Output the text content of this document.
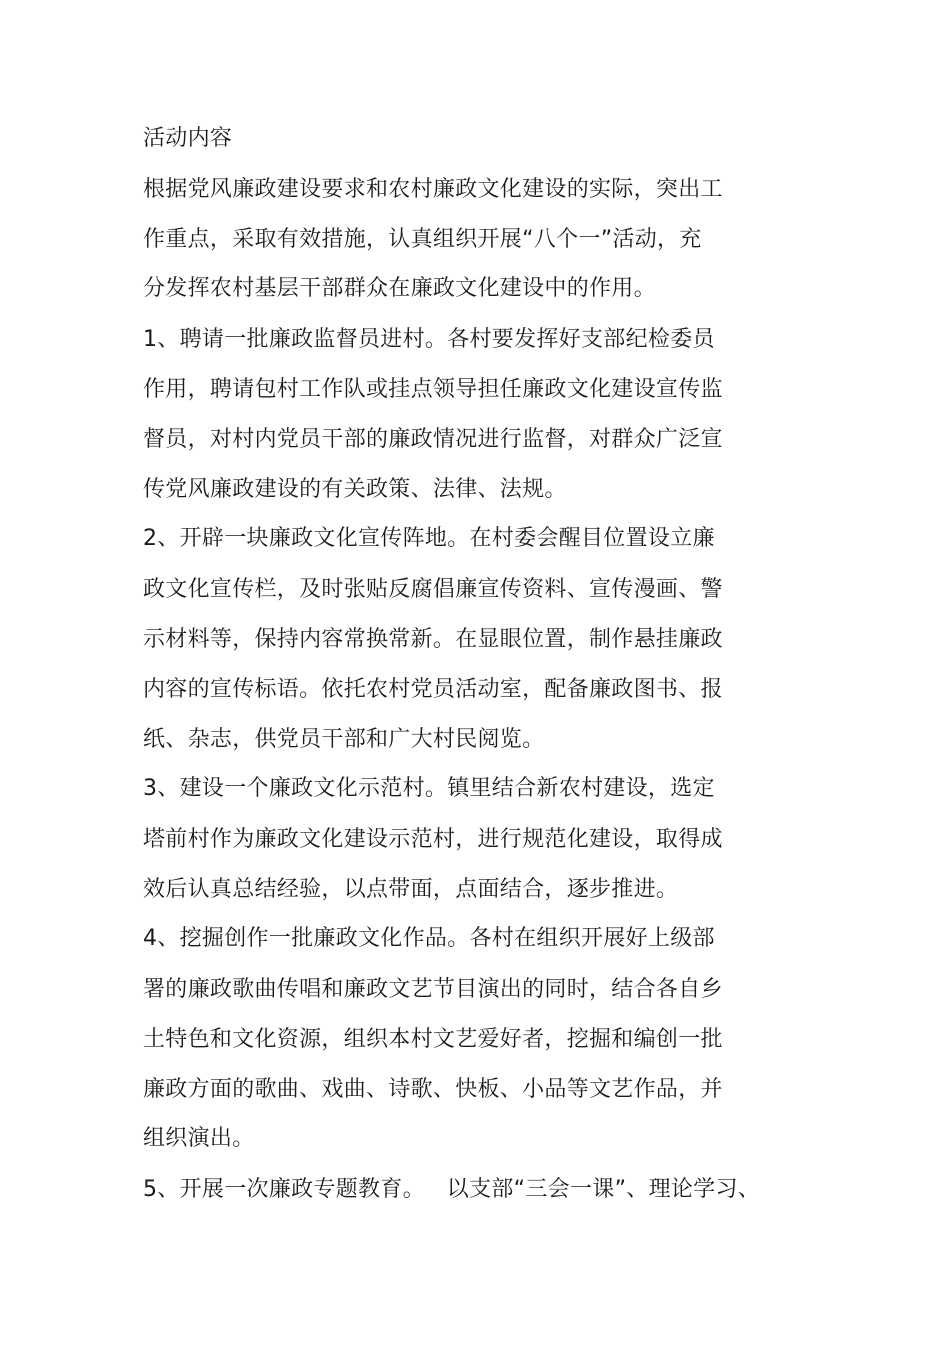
活动内容
根据党风廉政建设要求和农村廉政文化建设的实际，突出工
作重点，采取有效措施，认真组织开展“八个一”活动，充
分发挥农村基层干部群众在廉政文化建设中的作用。
1、聘请一批廉政监督员进村。各村要发挥好支部纪检委员
作用，聘请包村工作队或挂点领导担任廉政文化建设宣传监
督员，对村内党员干部的廉政情况进行监督，对群众广泛宣
传党风廉政建设的有关政策、法律、法规。
2、开辟一块廉政文化宣传阵地。在村委会醒目位置设立廉
政文化宣传栏，及时张贴反腐倡廉宣传资料、宣传漫画、警
示材料等，保持内容常换常新。在显眼位置，制作悬挂廉政
内容的宣传标语。依托农村党员活动室，配备廉政图书、报
纸、杂志，供党员干部和广大村民阅览。
3、建设一个廉政文化示范村。镇里结合新农村建设，选定
塔前村作为廉政文化建设示范村，进行规范化建设，取得成
效后认真总结经验，以点带面，点面结合，逐步推进。
4、挖掘创作一批廉政文化作品。各村在组织开展好上级部
署的廉政歌曲传唱和廉政文艺节目演出的同时，结合各自乡
土特色和文化资源，组织本村文艺爱好者，挖掘和编创一批
廉政方面的歌曲、戏曲、诗歌、快板、小品等文艺作品，并
组织演出。
5、开展一次廉政专题教育。   以支部“三会一课”、理论学习、
